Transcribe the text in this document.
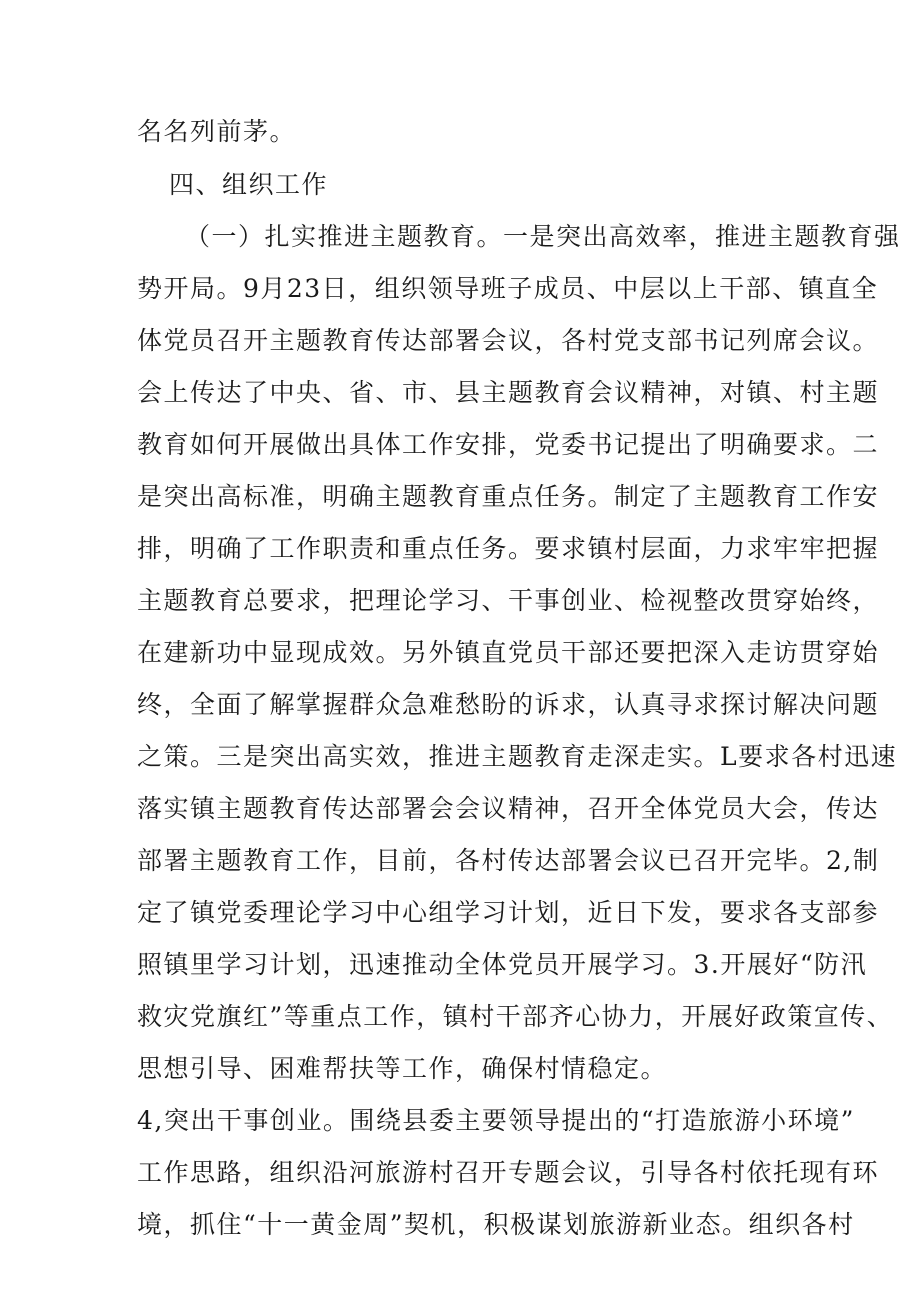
名名列前茅。
四、组织工作
（一）扎实推进主题教育。一是突出高效率，推进主题教育强
势开局。9月23日，组织领导班子成员、中层以上干部、镇直全
体党员召开主题教育传达部署会议，各村党支部书记列席会议。
会上传达了中央、省、市、县主题教育会议精神，对镇、村主题
教育如何开展做出具体工作安排，党委书记提出了明确要求。二
是突出高标准，明确主题教育重点任务。制定了主题教育工作安
排，明确了工作职责和重点任务。要求镇村层面，力求牢牢把握
主题教育总要求，把理论学习、干事创业、检视整改贯穿始终，
在建新功中显现成效。另外镇直党员干部还要把深入走访贯穿始
终，全面了解掌握群众急难愁盼的诉求，认真寻求探讨解决问题
之策。三是突出高实效，推进主题教育走深走实。L要求各村迅速
落实镇主题教育传达部署会会议精神，召开全体党员大会，传达
部署主题教育工作，目前，各村传达部署会议已召开完毕。2,制
定了镇党委理论学习中心组学习计划，近日下发，要求各支部参
照镇里学习计划，迅速推动全体党员开展学习。3.开展好“防汛
救灾党旗红”等重点工作，镇村干部齐心协力，开展好政策宣传、
思想引导、困难帮扶等工作，确保村情稳定。
4,突出干事创业。围绕县委主要领导提出的“打造旅游小环境”
工作思路，组织沿河旅游村召开专题会议，引导各村依托现有环
境，抓住“十一黄金周”契机，积极谋划旅游新业态。组织各村
